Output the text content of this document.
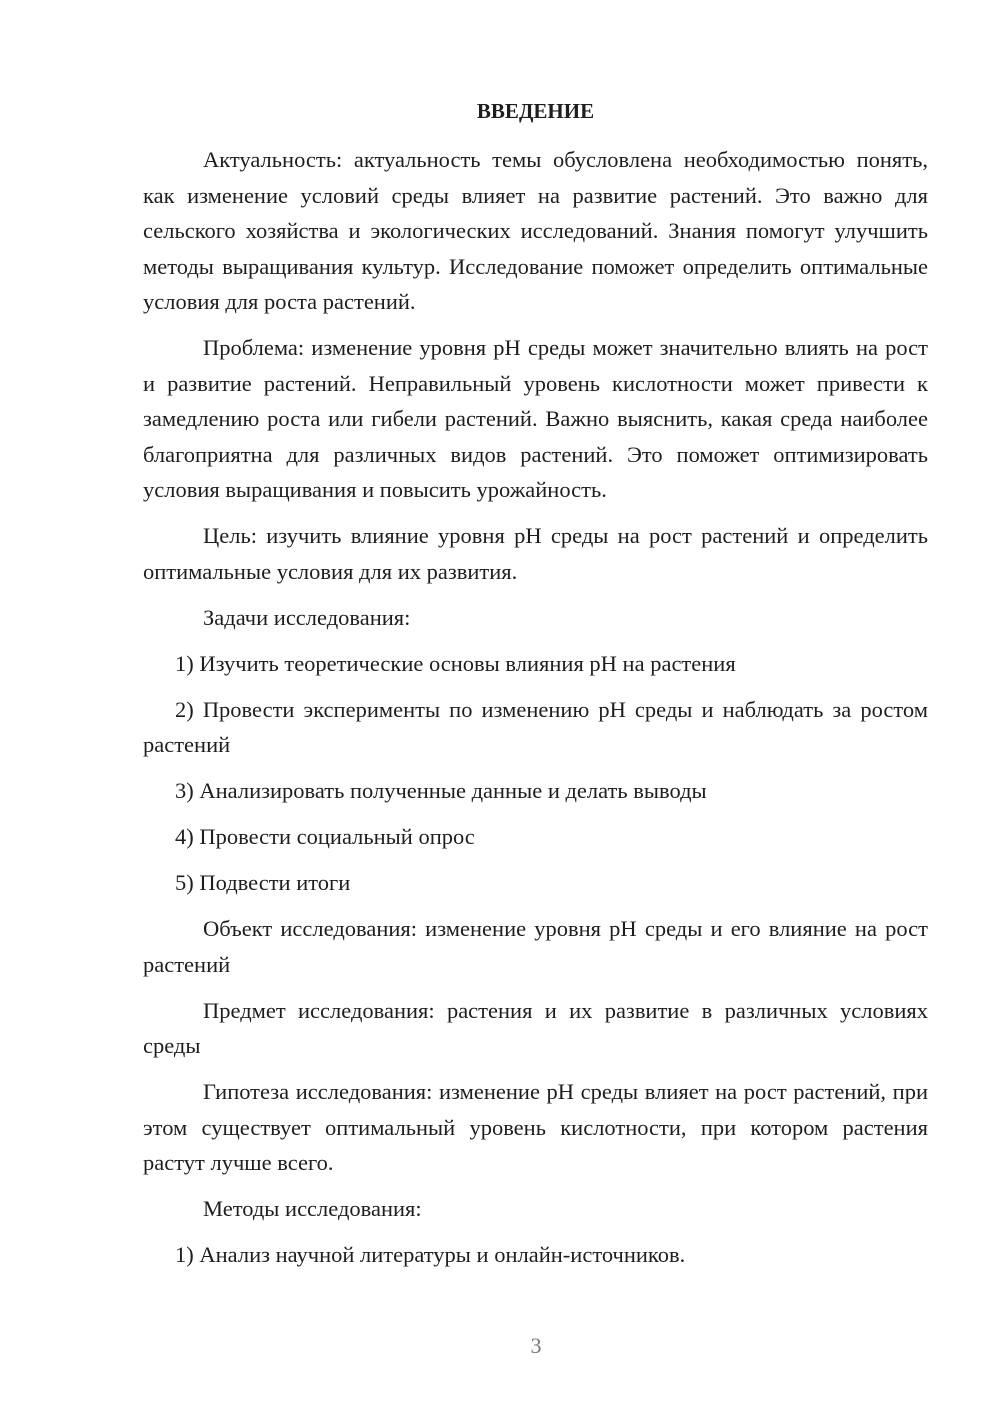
ВВЕДЕНИЕ

Актуальность: актуальность темы обусловлена необходимостью понять, как изменение условий среды влияет на развитие растений. Это важно для сельского хозяйства и экологических исследований. Знания помогут улучшить методы выращивания культур. Исследование поможет определить оптимальные условия для роста растений.

Проблема: изменение уровня pH среды может значительно влиять на рост и развитие растений. Неправильный уровень кислотности может привести к замедлению роста или гибели растений. Важно выяснить, какая среда наиболее благоприятна для различных видов растений. Это поможет оптимизировать условия выращивания и повысить урожайность.

Цель: изучить влияние уровня pH среды на рост растений и определить оптимальные условия для их развития.

Задачи исследования:

1) Изучить теоретические основы влияния pH на растения

2) Провести эксперименты по изменению pH среды и наблюдать за ростом растений

3) Анализировать полученные данные и делать выводы

4) Провести социальный опрос

5) Подвести итоги

Объект исследования: изменение уровня pH среды и его влияние на рост растений

Предмет исследования: растения и их развитие в различных условиях среды

Гипотеза исследования: изменение pH среды влияет на рост растений, при этом существует оптимальный уровень кислотности, при котором растения растут лучше всего.

Методы исследования:

1) Анализ научной литературы и онлайн-источников.

3
